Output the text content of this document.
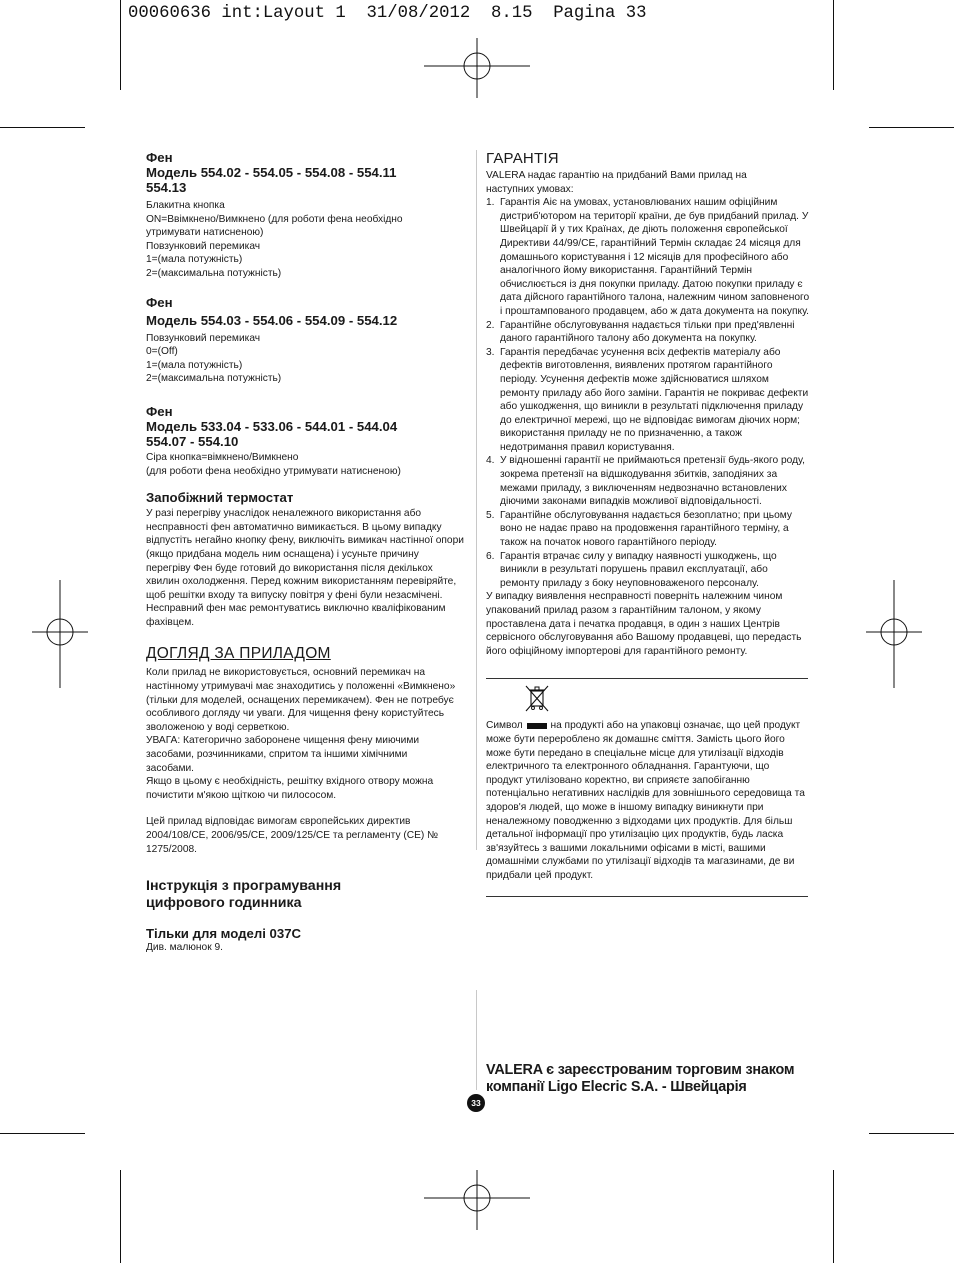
00060636 int:Layout 1  31/08/2012  8.15  Pagina 33

Фен

Модель 554.02 - 554.05 - 554.08 - 554.11 554.13

Блакитна кнопка

ON=Ввімкнено/Вимкнено (для роботи фена необхідно утримувати натисненою)

Повзунковий перемикач

1=(мала потужність)

2=(максимальна потужність)

Фен

Модель 554.03 - 554.06 - 554.09 - 554.12

Повзунковий перемикач

0=(Off)

1=(мала потужність)

2=(максимальна потужність)

Фен

Модель 533.04 - 533.06 - 544.01 - 544.04 554.07 - 554.10

Сіра кнопка=вімкнено/Вимкнено

(для роботи фена необхідно утримувати натисненою)

Запобіжний термостат

У разі перегріву унаслідок неналежного використання або несправності фен автоматично вимикається. В цьому випадку відпустіть негайно кнопку фену, виключіть вимикач настінної опори (якщо придбана модель ним оснащена) і усуньте причину перегріву Фен буде готовий до використання після декількох хвилин охолодження. Перед кожним використанням перевіряйте, щоб решітки входу та випуску повітря у фені були незасмічені. Несправний фен має ремонтуватись виключно кваліфікованим фахівцем.

ДОГЛЯД ЗА ПРИЛАДОМ

Коли прилад не використовується, основний перемикач на настінному утримувачі має знаходитись у положенні «Вимкнено» (тільки для моделей, оснащених перемикачем). Фен не потребує особливого догляду чи уваги. Для чищення фену користуйтесь зволоженою у воді серветкою.

УВАГА: Категорично заборонене чищення фену миючими засобами, розчинниками, спритом та іншими хімічними засобами.

Якщо в цьому є необхідність, решітку вхідного отвору можна почистити м'якою щіткою чи пилососом.

Цей прилад відповідає вимогам європейських директив 2004/108/CE, 2006/95/CE, 2009/125/CE та регламенту (CE) № 1275/2008.

Інструкція з програмування цифрового годинника

Тільки для моделі 037C

Див. малюнок 9.

ГАРАНТІЯ

VALERA надає гарантію на придбаний Вами прилад на наступних умовах:

1. Гарантія Аіє на умовах, установлюваних нашим офіційним дистриб'ютором на території країни, де був придбаний прилад. У Швейцарії й у тих Країнах, де діють положення європейської Директиви 44/99/CE, гарантійний Термін складає 24 місяця для домашнього користування і 12 місяців для професійного або аналогічного йому використання. Гарантійний Термін обчислюється із дня покупки приладу. Датою покупки приладу є дата дійсного гарантійного талона, належним чином заповненого і проштампованого продавцем, або ж дата документа на покупку.
2. Гарантійне обслуговування надається тільки при пред'явленні даного гарантійного талону або документа на покупку.
3. Гарантія передбачає усунення всіх дефектів матеріалу або дефектів виготовлення, виявлених протягом гарантійного періоду. Усунення дефектів може здійснюватися шляхом ремонту приладу або його заміни. Гарантія не покриває дефекти або ушкодження, що виникли в результаті підключення приладу до електричної мережі, що не відповідає вимогам діючих норм; використання приладу не по призначенню, а також недотримання правил користування.
4. У відношенні гарантії не приймаються претензії будь-якого роду, зокрема претензії на відшкодування збитків, заподіяних за межами приладу, з виключенням недвозначно встановлених діючими законами випадків можливої відповідальності.
5. Гарантійне обслуговування надається безоплатно; при цьому воно не надає право на продовження гарантійного терміну, а також на початок нового гарантійного періоду.
6. Гарантія втрачає силу у випадку наявності ушкоджень, що виникли в результаті порушень правил експлуатації, або ремонту приладу з боку неуповноваженого персоналу.

У випадку виявлення несправності поверніть належним чином упакований прилад разом з гарантійним талоном, у якому проставлена дата і печатка продавця, в один з наших Центрів сервісного обслуговування або Вашому продавцеві, що передасть його офіційному імпортерові для гарантійного ремонту.

Символ	на продукті або на упаковці означає, що цей продукт може бути перероблено як домашнє сміття. Замість цього його може бути передано в спеціальне місце для утилізації відходів електричного та електронного обладнання. Гарантуючи, що продукт утилізовано коректно, ви сприяєте запобіганню потенціально негативних наслідків для зовнішнього середовища та здоров'я людей, що може в іншому випадку виникнути при неналежному поводженню з відходами цих продуктів. Для більш детальної інформації про утилізацію цих продуктів, будь ласка зв'язуйтесь з вашими локальними офісами в місті, вашими домашніми службами по утилізації відходів та магазинами, де ви придбали цей продукт.

VALERA є зареєстрованим торговим знаком компанії Ligo Elecric S.A. - Швейцарія
33
